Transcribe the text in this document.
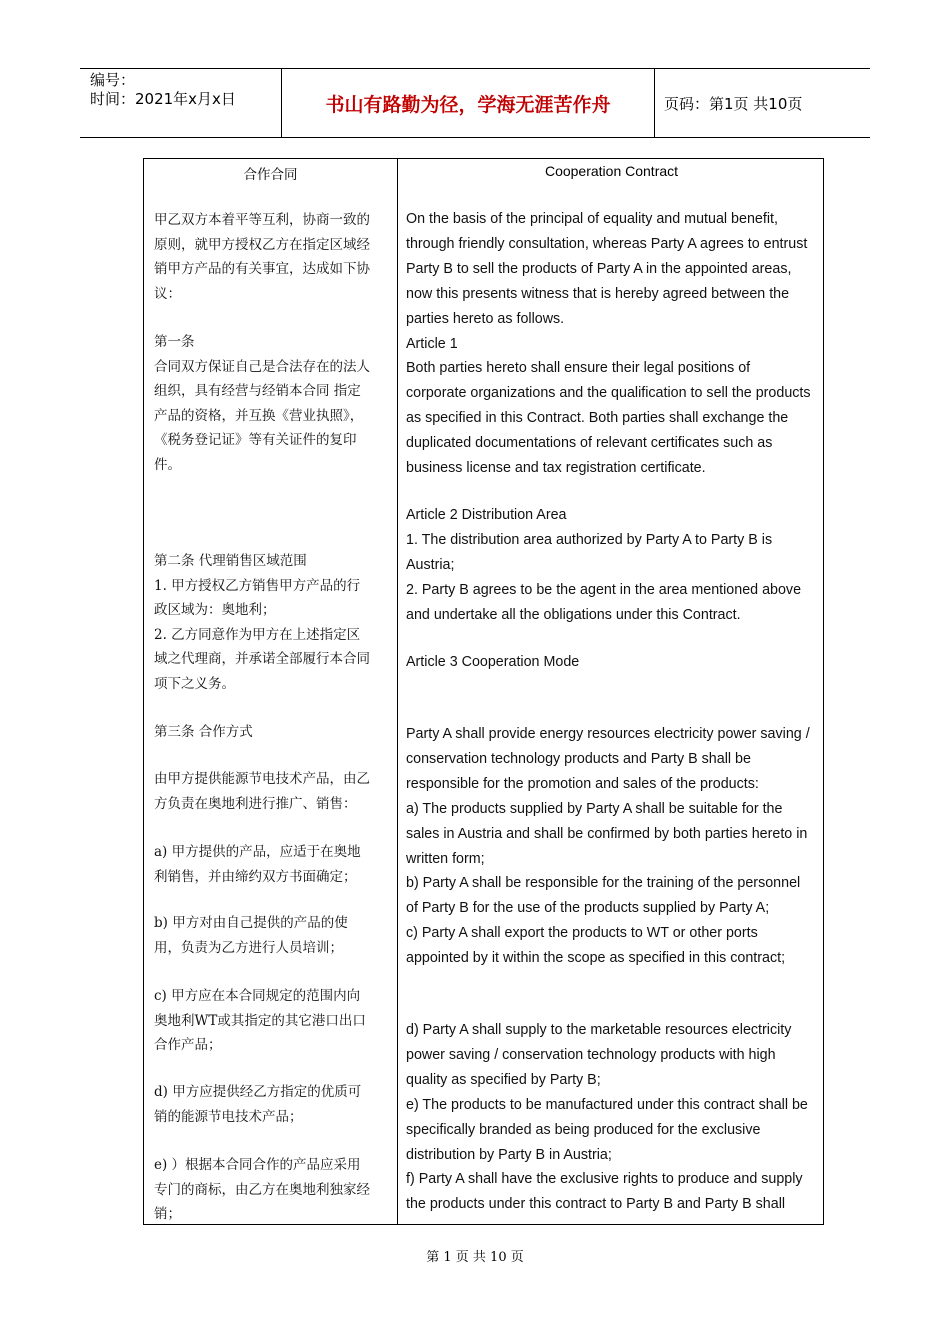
编号：
时间：2021年x月x日	书山有路勤为径，学海无涯苦作舟	页码：第1页 共10页
合作合同	Cooperation Contract
甲乙双方本着平等互利，协商一致的
原则，就甲方授权乙方在指定区域经
销甲方产品的有关事宜，达成如下协
议：
第一条
合同双方保证自己是合法存在的法人
组织，具有经营与经销本合同 指定
产品的资格，并互换《营业执照》，
《税务登记证》等有关证件的复印
件。
第二条 代理销售区域范围
1. 甲方授权乙方销售甲方产品的行
政区域为：奥地利；
2. 乙方同意作为甲方在上述指定区
域之代理商，并承诺全部履行本合同
项下之义务。
第三条 合作方式
由甲方提供能源节电技术产品，由乙
方负责在奥地利进行推广、销售：
a) 甲方提供的产品，应适于在奥地
利销售，并由缔约双方书面确定；
b) 甲方对由自己提供的产品的使
用，负责为乙方进行人员培训；
c) 甲方应在本合同规定的范围内向
奥地利WT或其指定的其它港口出口
合作产品；
d) 甲方应提供经乙方指定的优质可
销的能源节电技术产品；
e) ）根据本合同合作的产品应采用
专门的商标，由乙方在奥地利独家经
销；
On the basis of the principal of equality and mutual benefit,
through friendly consultation, whereas Party A agrees to entrust
Party B to sell the products of Party A in the appointed areas,
now this presents witness that is hereby agreed between the
parties hereto as follows.
Article 1
Both parties hereto shall ensure their legal positions of
corporate organizations and the qualification to sell the products
as specified in this Contract. Both parties shall exchange the
duplicated documentations of relevant certificates such as
business license and tax registration certificate.
Article 2 Distribution Area
1. The distribution area authorized by Party A to Party B is
Austria;
2. Party B agrees to be the agent in the area mentioned above
and undertake all the obligations under this Contract.
Article 3 Cooperation Mode
Party A shall provide energy resources electricity power saving /
conservation technology products and Party B shall be
responsible for the promotion and sales of the products:
a) The products supplied by Party A shall be suitable for the
sales in Austria and shall be confirmed by both parties hereto in
written form;
b) Party A shall be responsible for the training of the personnel
of Party B for the use of the products supplied by Party A;
c) Party A shall export the products to WT or other ports
appointed by it within the scope as specified in this contract;
d) Party A shall supply to the marketable resources electricity
power saving / conservation technology products with high
quality as specified by Party B;
e) The products to be manufactured under this contract shall be
specifically branded as being produced for the exclusive
distribution by Party B in Austria;
f) Party A shall have the exclusive rights to produce and supply
the products under this contract to Party B and Party B shall
第 1 页 共 10 页
